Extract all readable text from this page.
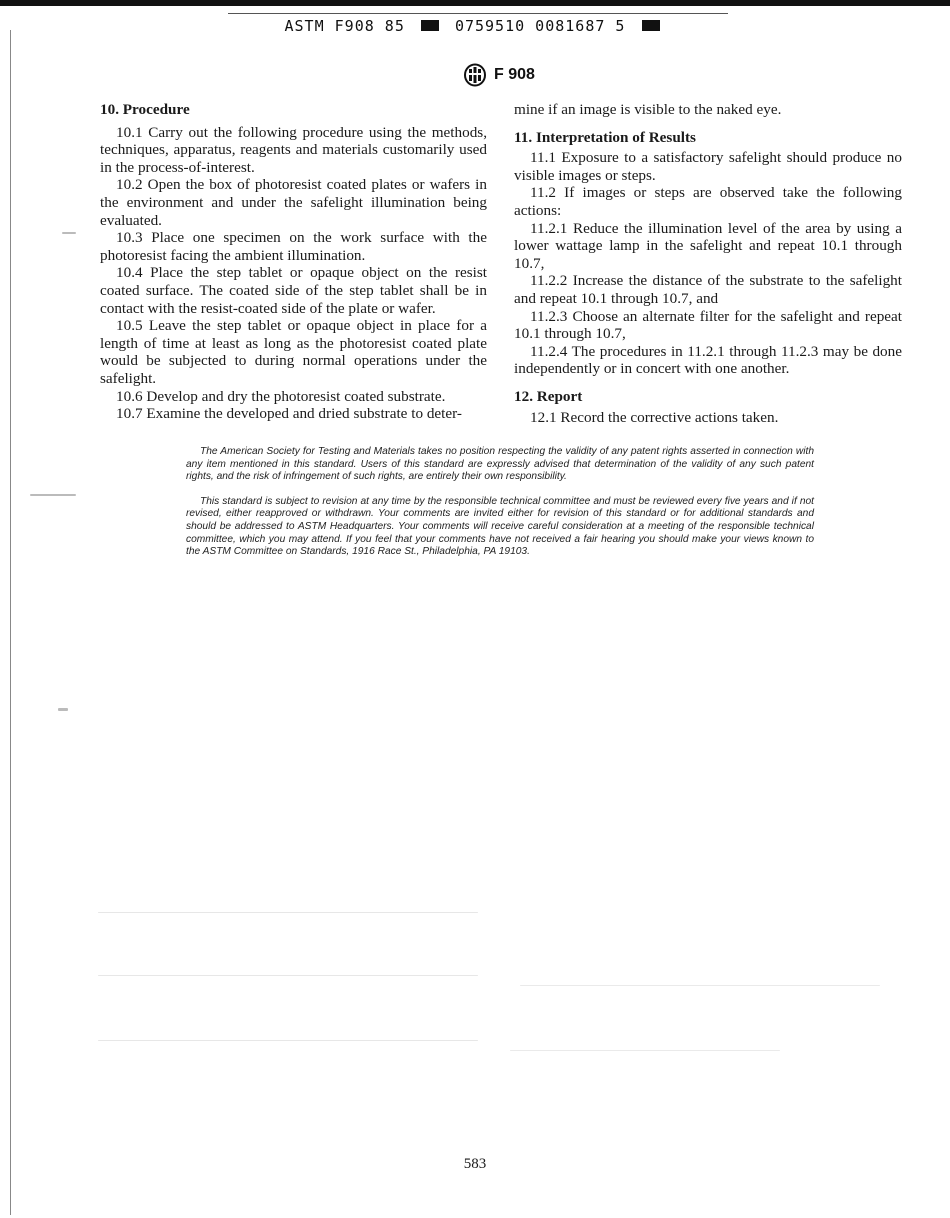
ASTM F908 85	0759510 0081687 5
F 908
10. Procedure

10.1 Carry out the following procedure using the methods, techniques, apparatus, reagents and materials customarily used in the process-of-interest.

10.2 Open the box of photoresist coated plates or wafers in the environment and under the safelight illumination being evaluated.

10.3 Place one specimen on the work surface with the photoresist facing the ambient illumination.

10.4 Place the step tablet or opaque object on the resist coated surface. The coated side of the step tablet shall be in contact with the resist-coated side of the plate or wafer.

10.5 Leave the step tablet or opaque object in place for a length of time at least as long as the photoresist coated plate would be subjected to during normal operations under the safelight.

10.6 Develop and dry the photoresist coated substrate.

10.7 Examine the developed and dried substrate to deter-

mine if an image is visible to the naked eye.

11. Interpretation of Results

11.1 Exposure to a satisfactory safelight should produce no visible images or steps.

11.2 If images or steps are observed take the following actions:

11.2.1 Reduce the illumination level of the area by using a lower wattage lamp in the safelight and repeat 10.1 through 10.7,

11.2.2 Increase the distance of the substrate to the safelight and repeat 10.1 through 10.7, and

11.2.3 Choose an alternate filter for the safelight and repeat 10.1 through 10.7,

11.2.4 The procedures in 11.2.1 through 11.2.3 may be done independently or in concert with one another.

12. Report

12.1 Record the corrective actions taken.

The American Society for Testing and Materials takes no position respecting the validity of any patent rights asserted in connection with any item mentioned in this standard. Users of this standard are expressly advised that determination of the validity of any such patent rights, and the risk of infringement of such rights, are entirely their own responsibility.

This standard is subject to revision at any time by the responsible technical committee and must be reviewed every five years and if not revised, either reapproved or withdrawn. Your comments are invited either for revision of this standard or for additional standards and should be addressed to ASTM Headquarters. Your comments will receive careful consideration at a meeting of the responsible technical committee, which you may attend. If you feel that your comments have not received a fair hearing you should make your views known to the ASTM Committee on Standards, 1916 Race St., Philadelphia, PA 19103.

583
